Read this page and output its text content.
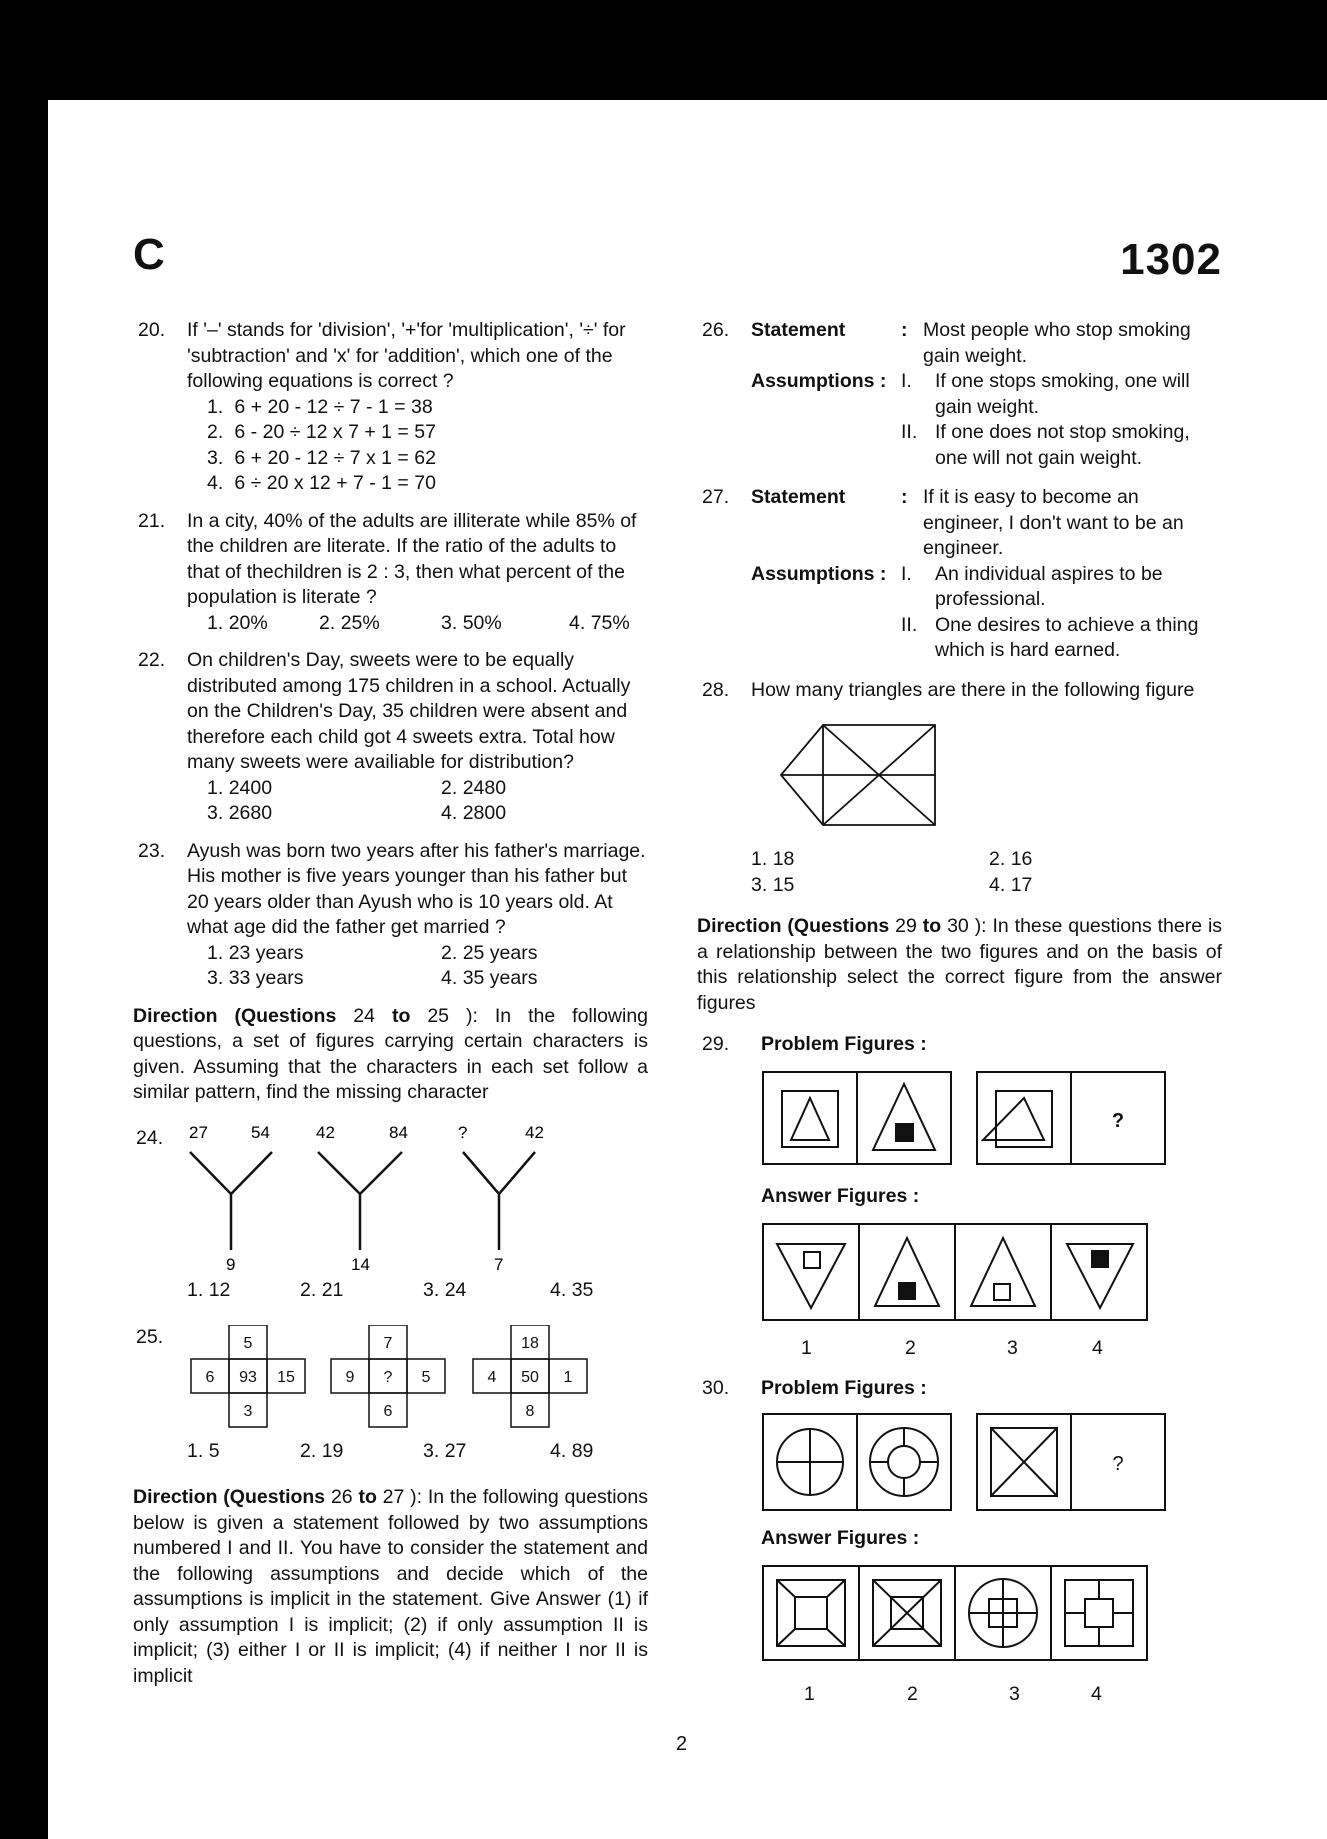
C	1302
20. If '–' stands for 'division', '+'for 'multiplication', '÷' for 'subtraction' and 'x' for 'addition', which one of the following equations is correct ?
1. 6 + 20 - 12 ÷ 7 - 1 = 38
2. 6 - 20 ÷ 12 x 7 + 1 = 57
3. 6 + 20 - 12 ÷ 7 x 1 = 62
4. 6 ÷ 20 x 12 + 7 - 1 = 70
21. In a city, 40% of the adults are illiterate while 85% of the children are literate. If the ratio of the adults to that of thechildren is 2 : 3, then what percent of the population is literate ?
1. 20%	2. 25%	3. 50%	4. 75%
22. On children's Day, sweets were to be equally distributed among 175 children in a school. Actually on the Children's Day, 35 children were absent and therefore each child got 4 sweets extra. Total how many sweets were availiable for distribution?
1. 2400	2. 2480
3. 2680	4. 2800
23. Ayush was born two years after his father's marriage. His mother is five years younger than his father but 20 years older than Ayush who is 10 years old. At what age did the father get married ?
1. 23 years	2. 25 years
3. 33 years	4. 35 years
Direction (Questions 24 to 25 ): In the following questions, a set of figures carrying certain characters is given. Assuming that the characters in each set follow a similar pattern, find the missing character
24. 27	54
9
42	84
14
?	42
7
1. 12	2. 21	3. 24	4. 35
25.	5
6 93 15
3
7
9 ? 5
6
18
4 50 1
8
1. 5	2. 19	3. 27	4. 89
Direction (Questions 26 to 27 ): In the following questions below is given a statement followed by two assumptions numbered I and II. You have to consider the statement and the following assumptions and decide which of the assumptions is implicit in the statement. Give Answer (1) if only assumption I is implicit; (2) if only assumption II is implicit; (3) either I or II is implicit; (4) if neither I nor II is implicit
26. Statement	: Most people who stop smoking gain weight.
Assumptions : I.	If one stops smoking, one will gain weight.
II. If one does not stop smoking, one will not gain weight.
27. Statement	: If it is easy to become an engineer, I don't want to be an engineer.
Assumptions : I.	An individual aspires to be professional.
II. One desires to achieve a thing which is hard earned.
28. How many triangles are there in the following figure
1. 18	2. 16
3. 15	4. 17
Direction (Questions 29 to 30 ): In these questions there is a relationship between the two figures and on the basis of this relationship select the correct figure from the answer figures
29. Problem Figures :
?
Answer Figures :
1	2	3	4
30. Problem Figures :
?
Answer Figures :
1	2	3	4
2
